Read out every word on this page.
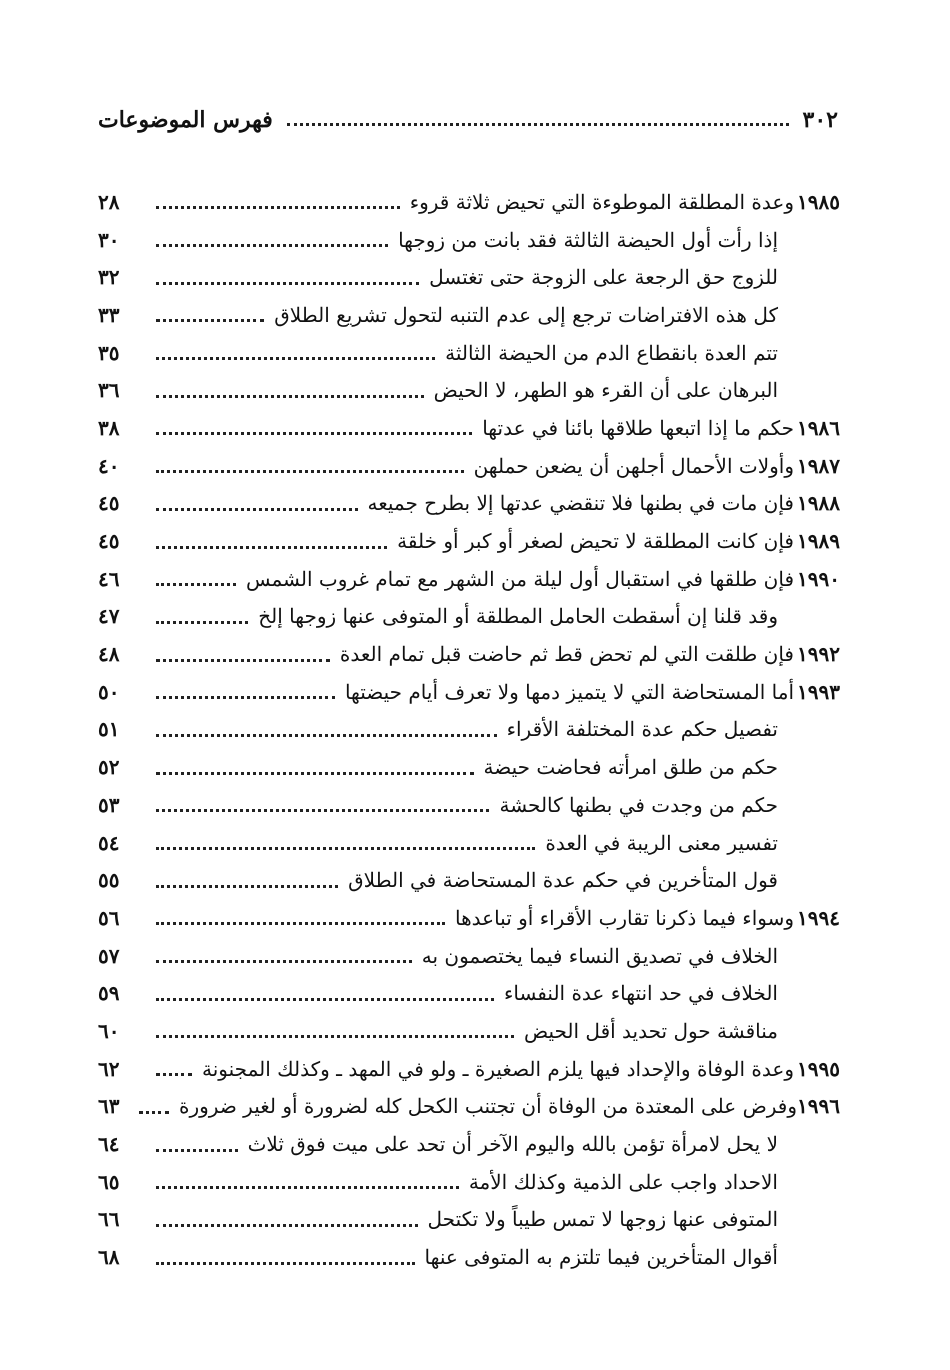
٣٠٢
فهرس الموضوعات
١٩٨٥
وعدة المطلقة الموطوءة التي تحيض ثلاثة قروء
٢٨
إذا رأت أول الحيضة الثالثة فقد بانت من زوجها
٣٠
للزوج حق الرجعة على الزوجة حتى تغتسل
٣٢
كل هذه الافتراضات ترجع إلى عدم التنبه لتحول تشريع الطلاق
٣٣
تتم العدة بانقطاع الدم من الحيضة الثالثة
٣٥
البرهان على أن القرء هو الطهر، لا الحيض
٣٦
١٩٨٦
حكم ما إذا اتبعها طلاقها بائنا في عدتها
٣٨
١٩٨٧
وأولات الأحمال أجلهن أن يضعن حملهن
٤٠
١٩٨٨
فإن مات في بطنها فلا تنقضي عدتها إلا بطرح جميعه
٤٥
١٩٨٩
فإن كانت المطلقة لا تحيض لصغر أو كبر أو خلقة
٤٥
١٩٩٠
فإن طلقها في استقبال أول ليلة من الشهر مع تمام غروب الشمس
٤٦
وقد قلنا إن أسقطت الحامل المطلقة أو المتوفى عنها زوجها إلخ
٤٧
١٩٩٢
فإن طلقت التي لم تحض قط ثم حاضت قبل تمام العدة
٤٨
١٩٩٣
أما المستحاضة التي لا يتميز دمها ولا تعرف أيام حيضتها
٥٠
تفصيل حكم عدة المختلفة الأقراء
٥١
حكم من طلق امرأته فحاضت حيضة
٥٢
حكم من وجدت في بطنها كالحشة
٥٣
تفسير معنى الريبة في العدة
٥٤
قول المتأخرين في حكم عدة المستحاضة في الطلاق
٥٥
١٩٩٤
وسواء فيما ذكرنا تقارب الأقراء أو تباعدها
٥٦
الخلاف في تصديق النساء فيما يختصمون به
٥٧
الخلاف في حد انتهاء عدة النفساء
٥٩
مناقشة حول تحديد أقل الحيض
٦٠
١٩٩٥
وعدة الوفاة والإحداد فيها يلزم الصغيرة ـ ولو في المهد ـ وكذلك المجنونة
٦٢
١٩٩٦
وفرض على المعتدة من الوفاة أن تجتنب الكحل كله لضرورة أو لغير ضرورة
٦٣
لا يحل لامرأة تؤمن بالله واليوم الآخر أن تحد على ميت فوق ثلاث
٦٤
الاحداد واجب على الذمية وكذلك الأمة
٦٥
المتوفى عنها زوجها لا تمس طيباً ولا تكتحل
٦٦
أقوال المتأخرين فيما تلتزم به المتوفى عنها
٦٨
